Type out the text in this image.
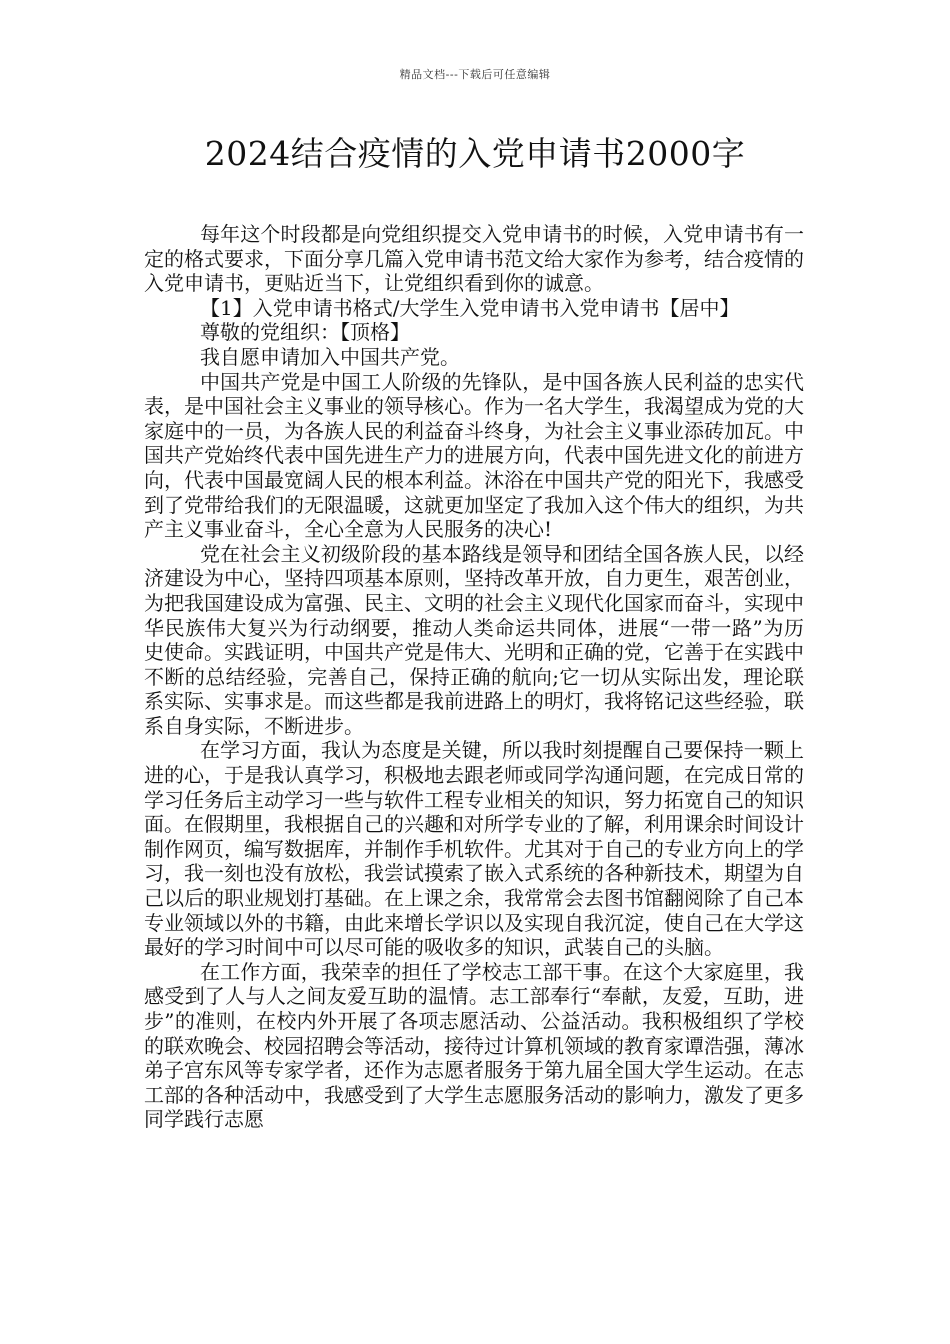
精品文档---下载后可任意编辑
2024结合疫情的入党申请书2000字

每年这个时段都是向党组织提交入党申请书的时候，入党申请书有一定的格式要求，下面分享几篇入党申请书范文给大家作为参考，结合疫情的入党申请书，更贴近当下，让党组织看到你的诚意。

【1】入党申请书格式/大学生入党申请书入党申请书【居中】

尊敬的党组织：【顶格】

我自愿申请加入中国共产党。

中国共产党是中国工人阶级的先锋队，是中国各族人民利益的忠实代表，是中国社会主义事业的领导核心。作为一名大学生，我渴望成为党的大家庭中的一员，为各族人民的利益奋斗终身，为社会主义事业添砖加瓦。中国共产党始终代表中国先进生产力的进展方向，代表中国先进文化的前进方向，代表中国最宽阔人民的根本利益。沐浴在中国共产党的阳光下，我感受到了党带给我们的无限温暖，这就更加坚定了我加入这个伟大的组织，为共产主义事业奋斗，全心全意为人民服务的决心!

党在社会主义初级阶段的基本路线是领导和团结全国各族人民，以经济建设为中心，坚持四项基本原则，坚持改革开放，自力更生，艰苦创业，为把我国建设成为富强、民主、文明的社会主义现代化国家而奋斗，实现中华民族伟大复兴为行动纲要，推动人类命运共同体，进展“一带一路”为历史使命。实践证明，中国共产党是伟大、光明和正确的党，它善于在实践中不断的总结经验，完善自己，保持正确的航向;它一切从实际出发，理论联系实际、实事求是。而这些都是我前进路上的明灯，我将铭记这些经验，联系自身实际，不断进步。

在学习方面，我认为态度是关键，所以我时刻提醒自己要保持一颗上进的心，于是我认真学习，积极地去跟老师或同学沟通问题，在完成日常的学习任务后主动学习一些与软件工程专业相关的知识，努力拓宽自己的知识面。在假期里，我根据自己的兴趣和对所学专业的了解，利用课余时间设计制作网页，编写数据库，并制作手机软件。尤其对于自己的专业方向上的学习，我一刻也没有放松，我尝试摸索了嵌入式系统的各种新技术，期望为自己以后的职业规划打基础。在上课之余，我常常会去图书馆翻阅除了自己本专业领域以外的书籍，由此来增长学识以及实现自我沉淀，使自己在大学这最好的学习时间中可以尽可能的吸收多的知识，武装自己的头脑。

在工作方面，我荣幸的担任了学校志工部干事。在这个大家庭里，我感受到了人与人之间友爱互助的温情。志工部奉行“奉献，友爱，互助，进步”的准则，在校内外开展了各项志愿活动、公益活动。我积极组织了学校的联欢晚会、校园招聘会等活动，接待过计算机领域的教育家谭浩强，薄冰弟子宫东风等专家学者，还作为志愿者服务于第九届全国大学生运动。在志工部的各种活动中，我感受到了大学生志愿服务活动的影响力，激发了更多同学践行志愿
